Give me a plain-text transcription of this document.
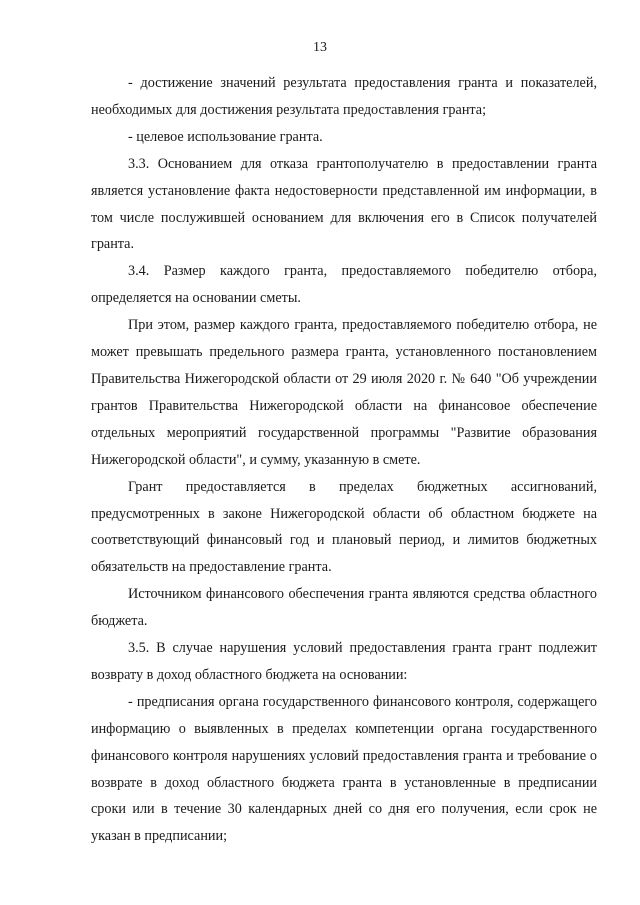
13

- достижение значений результата предоставления гранта и показателей, необходимых для достижения результата предоставления гранта;

- целевое использование гранта.

3.3. Основанием для отказа грантополучателю в предоставлении гранта является установление факта недостоверности представленной им информации, в том числе послужившей основанием для включения его в Список получателей гранта.

3.4. Размер каждого гранта, предоставляемого победителю отбора, определяется на основании сметы.

При этом, размер каждого гранта, предоставляемого победителю отбора, не может превышать предельного размера гранта, установленного постановлением Правительства Нижегородской области от 29 июля 2020 г. № 640 "Об учреждении грантов Правительства Нижегородской области на финансовое обеспечение отдельных мероприятий государственной программы "Развитие образования Нижегородской области", и сумму, указанную в смете.

Грант предоставляется в пределах бюджетных ассигнований, предусмотренных в законе Нижегородской области об областном бюджете на соответствующий финансовый год и плановый период, и лимитов бюджетных обязательств на предоставление гранта.

Источником финансового обеспечения гранта являются средства областного бюджета.

3.5. В случае нарушения условий предоставления гранта грант подлежит возврату в доход областного бюджета на основании:

- предписания органа государственного финансового контроля, содержащего информацию о выявленных в пределах компетенции органа государственного финансового контроля нарушениях условий предоставления гранта и требование о возврате в доход областного бюджета гранта в установленные в предписании сроки или в течение 30 календарных дней со дня его получения, если срок не указан в предписании;
